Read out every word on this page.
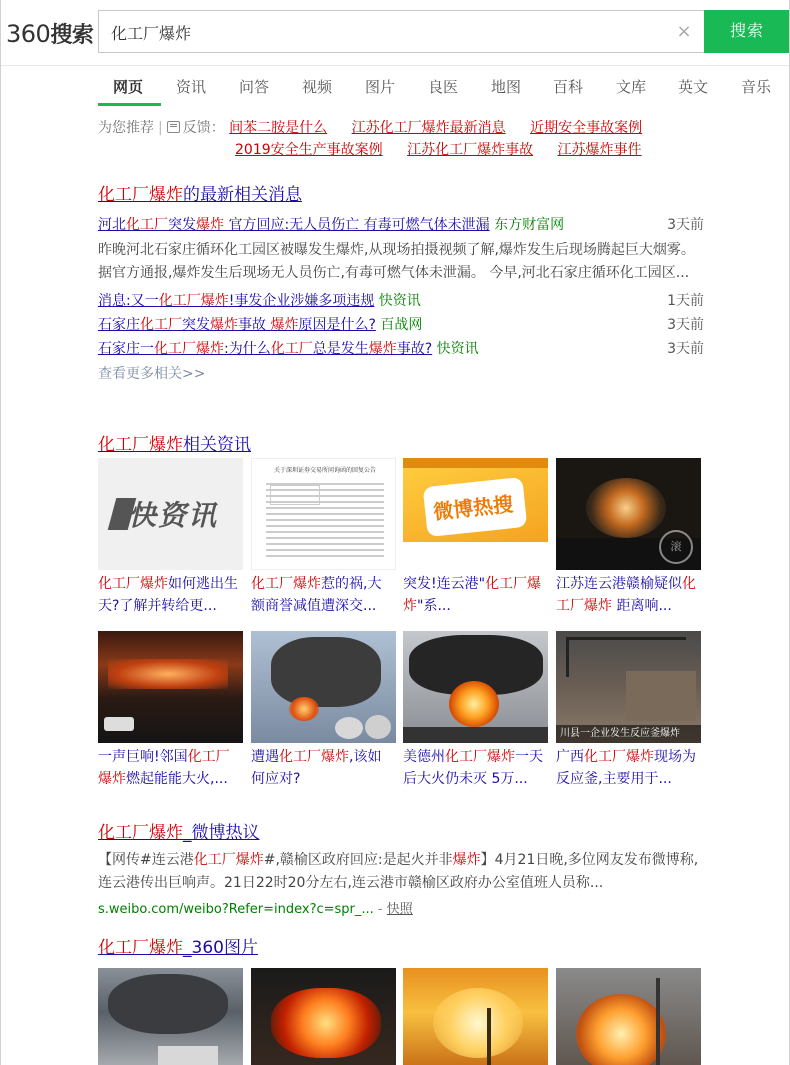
360搜索
化工厂爆炸	×	搜索
网页 资讯 问答 视频 图片 良医 地图 百科 文库 英文 音乐
为您推荐 | 反馈： 间苯二胺是什么 江苏化工厂爆炸最新消息 近期安全事故案例
2019安全生产事故案例 江苏化工厂爆炸事故 江苏爆炸事件
化工厂爆炸的最新相关消息
河北化工厂突发爆炸 官方回应:无人员伤亡 有毒可燃气体未泄漏 东方财富网	3天前
昨晚河北石家庄循环化工园区被曝发生爆炸,从现场拍摄视频了解,爆炸发生后现场腾起巨大烟雾。据官方通报,爆炸发生后现场无人员伤亡,有毒可燃气体未泄漏。 今早,河北石家庄循环化工园区...
消息:又一化工厂爆炸!事发企业涉嫌多项违规 快资讯	1天前
石家庄化工厂突发爆炸事故 爆炸原因是什么? 百战网	3天前
石家庄一化工厂爆炸:为什么化工厂总是发生爆炸事故? 快资讯	3天前
查看更多相关>>
化工厂爆炸相关资讯
快资讯
化工厂爆炸如何逃出生
天?了解并转给更...
关于深圳证券交易所问询函的回复公告
化工厂爆炸惹的祸,大
额商誉减值遭深交...
微博热搜
突发!连云港"化工厂爆
炸"系...
滚
江苏连云港赣榆疑似化
工厂爆炸 距离响...
一声巨响!邻国化工厂
爆炸燃起能能大火,...
遭遇化工厂爆炸,该如
何应对?
美德州化工厂爆炸一天
后大火仍未灭 5万...
川县一企业发生反应釜爆炸
广西化工厂爆炸现场为
反应釜,主要用于...
化工厂爆炸_微博热议
【网传#连云港化工厂爆炸#,赣榆区政府回应:是起火并非爆炸】4月21日晚,多位网友发布微博称,连云港传出巨响声。21日22时20分左右,连云港市赣榆区政府办公室值班人员称...
s.weibo.com/weibo?Refer=index?c=spr_... - 快照
化工厂爆炸_360图片
